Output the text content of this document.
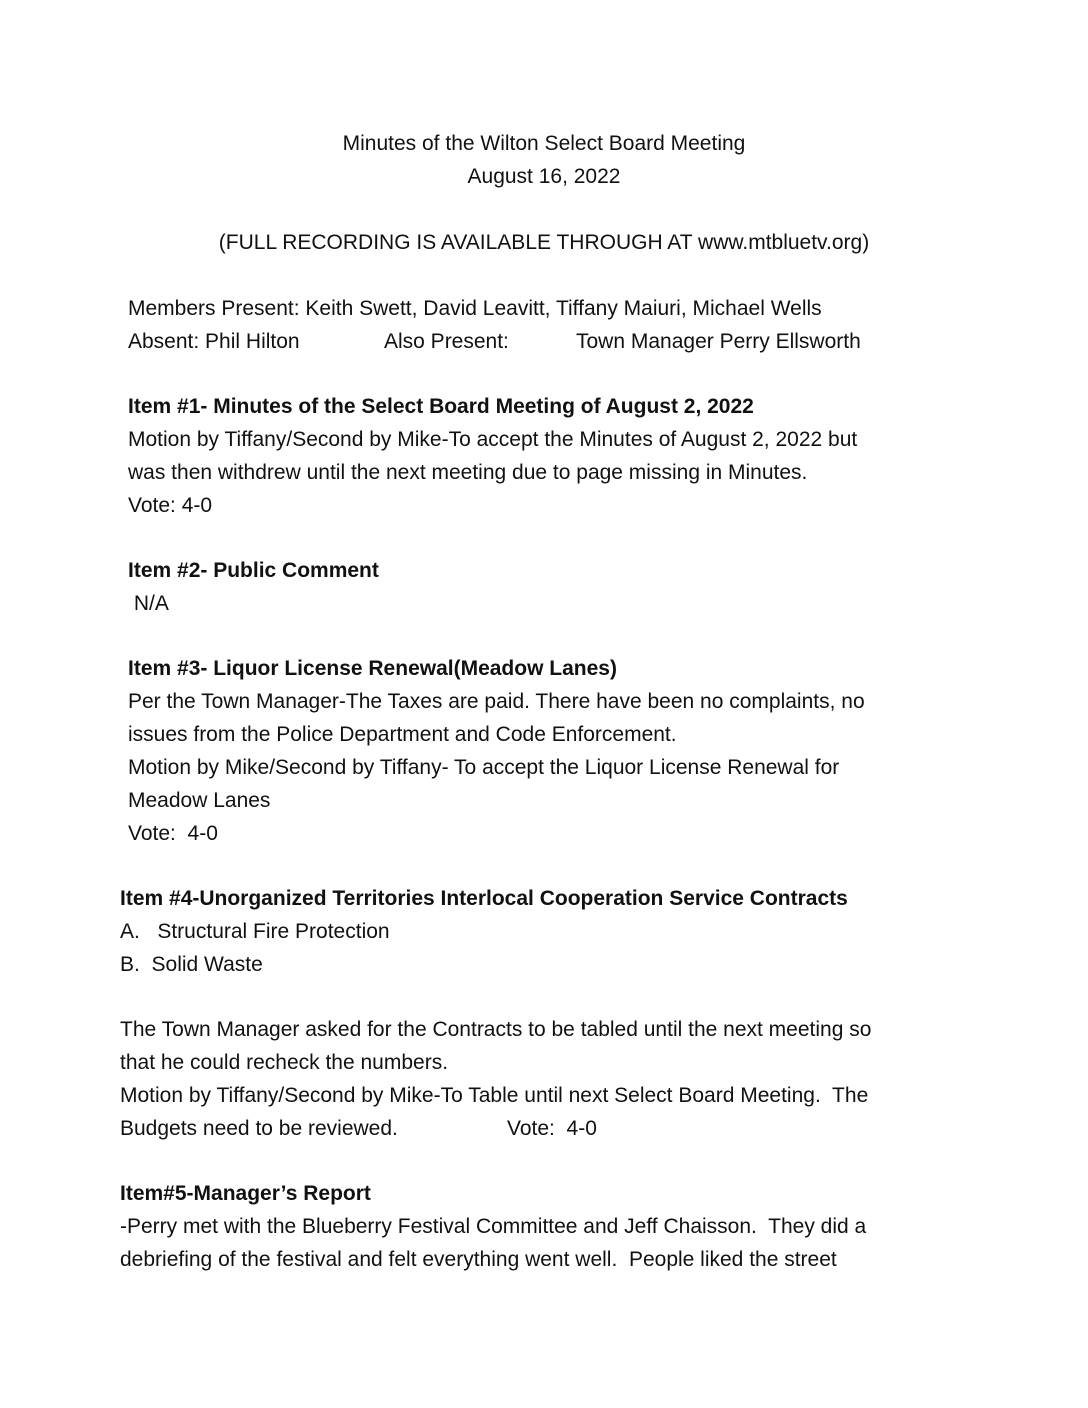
Minutes of the Wilton Select Board Meeting
August 16, 2022
(FULL RECORDING IS AVAILABLE THROUGH AT www.mtbluetv.org)
Members Present: Keith Swett, David Leavitt, Tiffany Maiuri, Michael Wells
Absent: Phil Hilton	Also Present:	Town Manager Perry Ellsworth
Item #1- Minutes of the Select Board Meeting of August 2, 2022
Motion by Tiffany/Second by Mike-To accept the Minutes of August 2, 2022 but
was then withdrew until the next meeting due to page missing in Minutes.
Vote: 4-0
Item #2- Public Comment
N/A
Item #3- Liquor License Renewal(Meadow Lanes)
Per the Town Manager-The Taxes are paid. There have been no complaints, no
issues from the Police Department and Code Enforcement.
Motion by Mike/Second by Tiffany- To accept the Liquor License Renewal for
Meadow Lanes
Vote:  4-0
Item #4-Unorganized Territories Interlocal Cooperation Service Contracts
A.   Structural Fire Protection
B.  Solid Waste
The Town Manager asked for the Contracts to be tabled until the next meeting so
that he could recheck the numbers.
Motion by Tiffany/Second by Mike-To Table until next Select Board Meeting.  The
Budgets need to be reviewed.	Vote:  4-0
Item#5-Manager’s Report
-Perry met with the Blueberry Festival Committee and Jeff Chaisson.  They did a
debriefing of the festival and felt everything went well.  People liked the street
